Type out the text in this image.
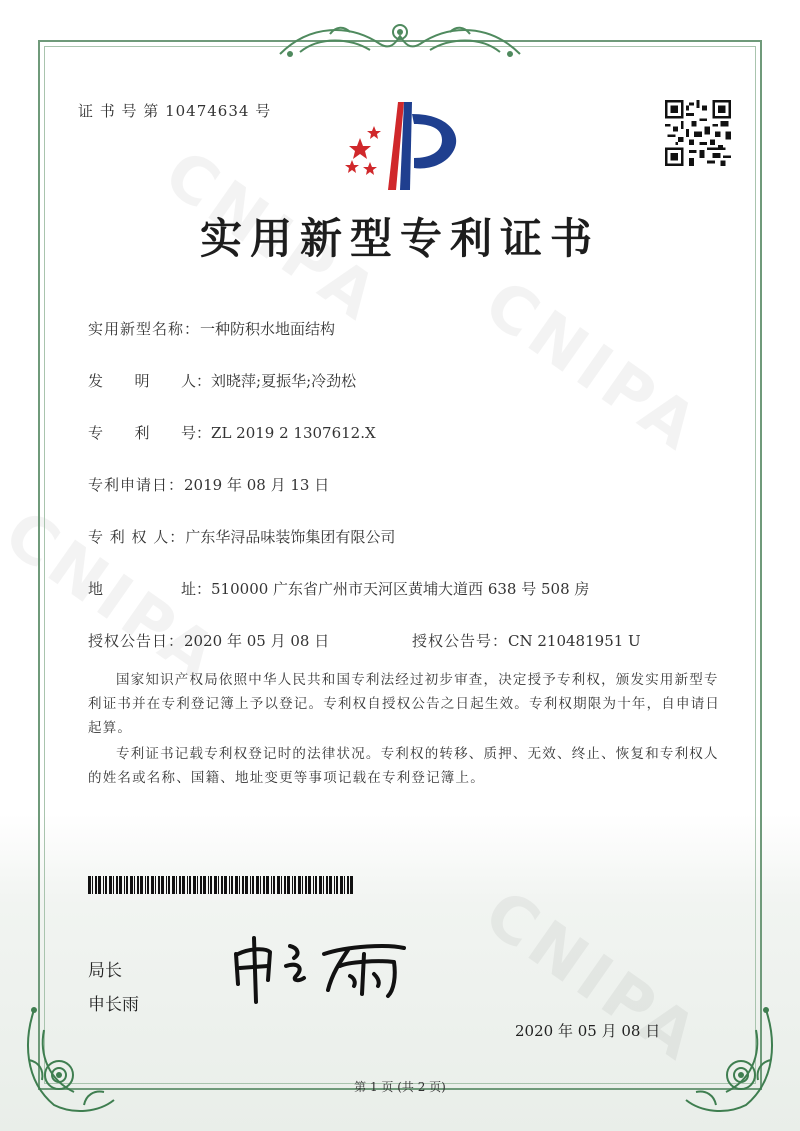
证 书 号 第 10474634 号
实用新型专利证书
实用新型名称：一种防积水地面结构
发 明 人 ：刘晓萍;夏振华;冷劲松
专 利 号 ：ZL 2019 2 1307612.X
专利申请日：2019 年 08 月 13 日
专 利 权 人：广东华浔品味装饰集团有限公司
地	址 ：510000 广东省广州市天河区黄埔大道西 638 号 508 房
授权公告日：2020 年 05 月 08 日	授权公告号：CN 210481951 U
国家知识产权局依照中华人民共和国专利法经过初步审查，决定授予专利权，颁发实用新型专利证书并在专利登记簿上予以登记。专利权自授权公告之日起生效。专利权期限为十年，自申请日起算。
专利证书记载专利权登记时的法律状况。专利权的转移、质押、无效、终止、恢复和专利权人的姓名或名称、国籍、地址变更等事项记载在专利登记簿上。
局长
申长雨
2020 年 05 月 08 日
第 1 页 (共 2 页)
